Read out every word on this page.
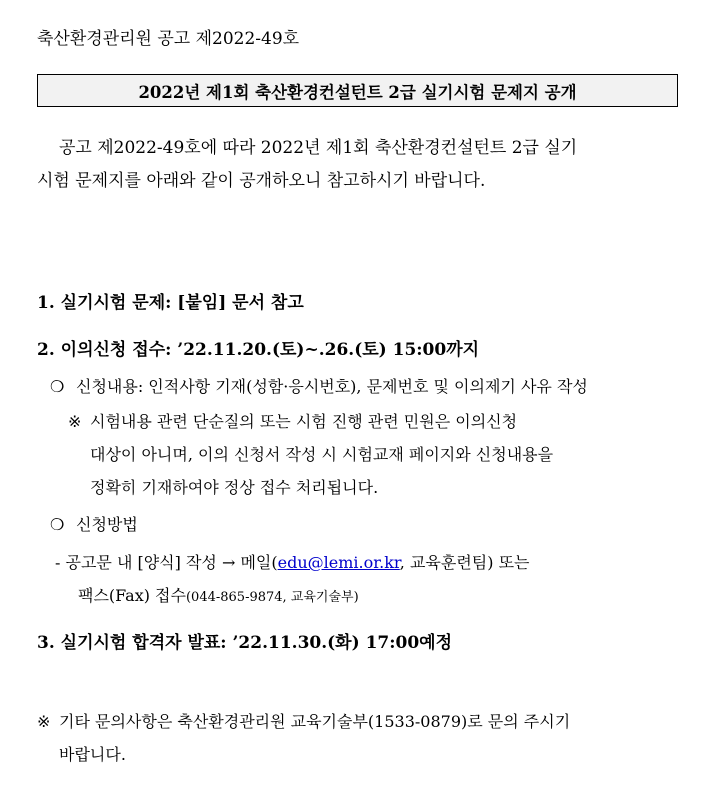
축산환경관리원 공고 제2022-49호
2022년 제1회 축산환경컨설턴트 2급 실기시험 문제지 공개
공고 제2022-49호에 따라 2022년 제1회 축산환경컨설턴트 2급 실기
시험 문제지를 아래와 같이 공개하오니 참고하시기 바랍니다.
1. 실기시험 문제: [붙임] 문서 참고
2. 이의신청 접수: ’22.11.20.(토)~.26.(토) 15:00까지
❍ 신청내용: 인적사항 기재(성함·응시번호), 문제번호 및 이의제기 사유 작성
※ 시험내용 관련 단순질의 또는 시험 진행 관련 민원은 이의신청
대상이 아니며, 이의 신청서 작성 시 시험교재 페이지와 신청내용을
정확히 기재하여야 정상 접수 처리됩니다.
❍ 신청방법
- 공고문 내 [양식] 작성 → 메일(edu@lemi.or.kr, 교육훈련팀) 또는
팩스(Fax) 접수(044-865-9874, 교육기술부)
3. 실기시험 합격자 발표: ’22.11.30.(화) 17:00예정
※ 기타 문의사항은 축산환경관리원 교육기술부(1533-0879)로 문의 주시기
바랍니다.
